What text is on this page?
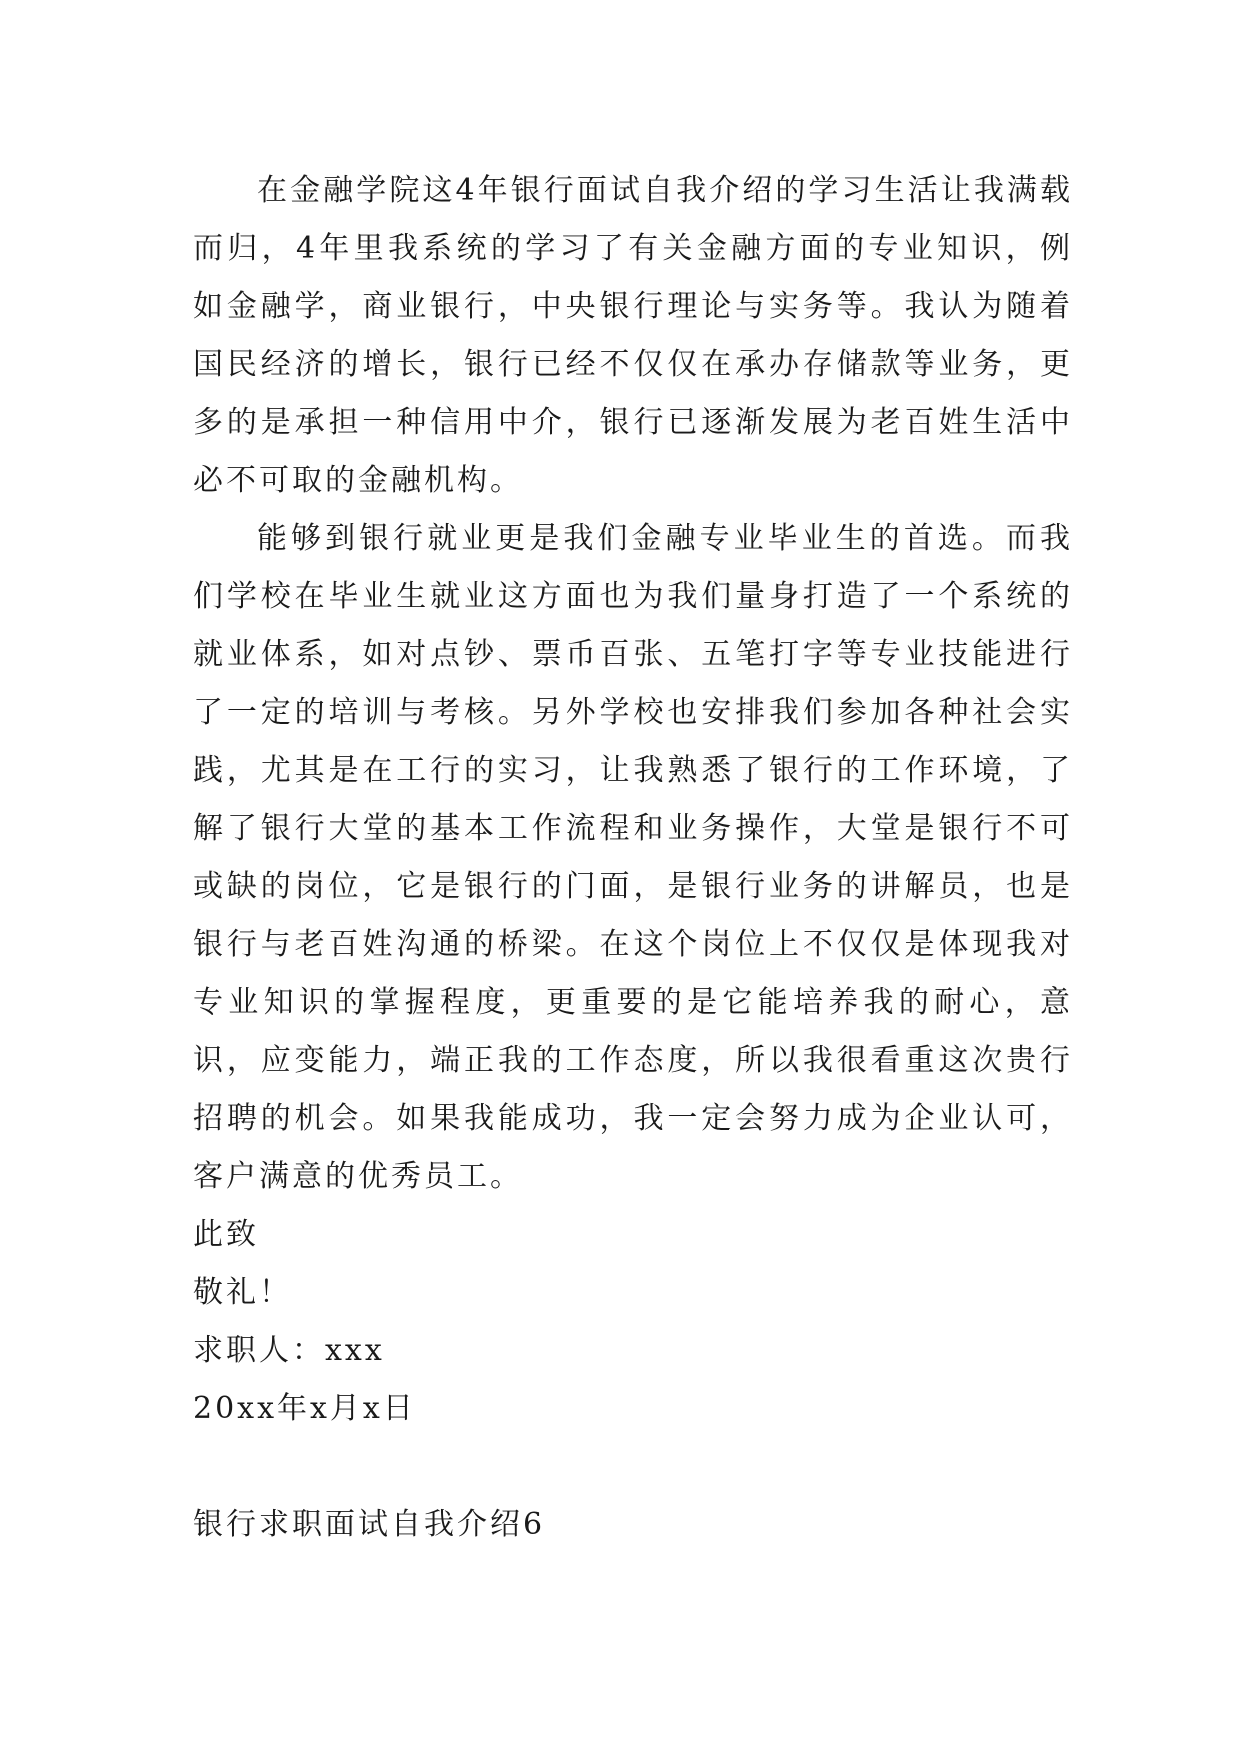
在金融学院这4年银行面试自我介绍的学习生活让我满载而归，4年里我系统的学习了有关金融方面的专业知识，例如金融学，商业银行，中央银行理论与实务等。我认为随着国民经济的增长，银行已经不仅仅在承办存储款等业务，更多的是承担一种信用中介，银行已逐渐发展为老百姓生活中必不可取的金融机构。

能够到银行就业更是我们金融专业毕业生的首选。而我们学校在毕业生就业这方面也为我们量身打造了一个系统的就业体系，如对点钞、票币百张、五笔打字等专业技能进行了一定的培训与考核。另外学校也安排我们参加各种社会实践，尤其是在工行的实习，让我熟悉了银行的工作环境，了解了银行大堂的基本工作流程和业务操作，大堂是银行不可或缺的岗位，它是银行的门面，是银行业务的讲解员，也是银行与老百姓沟通的桥梁。在这个岗位上不仅仅是体现我对专业知识的掌握程度，更重要的是它能培养我的耐心，意识，应变能力，端正我的工作态度，所以我很看重这次贵行招聘的机会。如果我能成功，我一定会努力成为企业认可，客户满意的优秀员工。

此致

敬礼！

求职人：xxx

20xx年x月x日

银行求职面试自我介绍6
